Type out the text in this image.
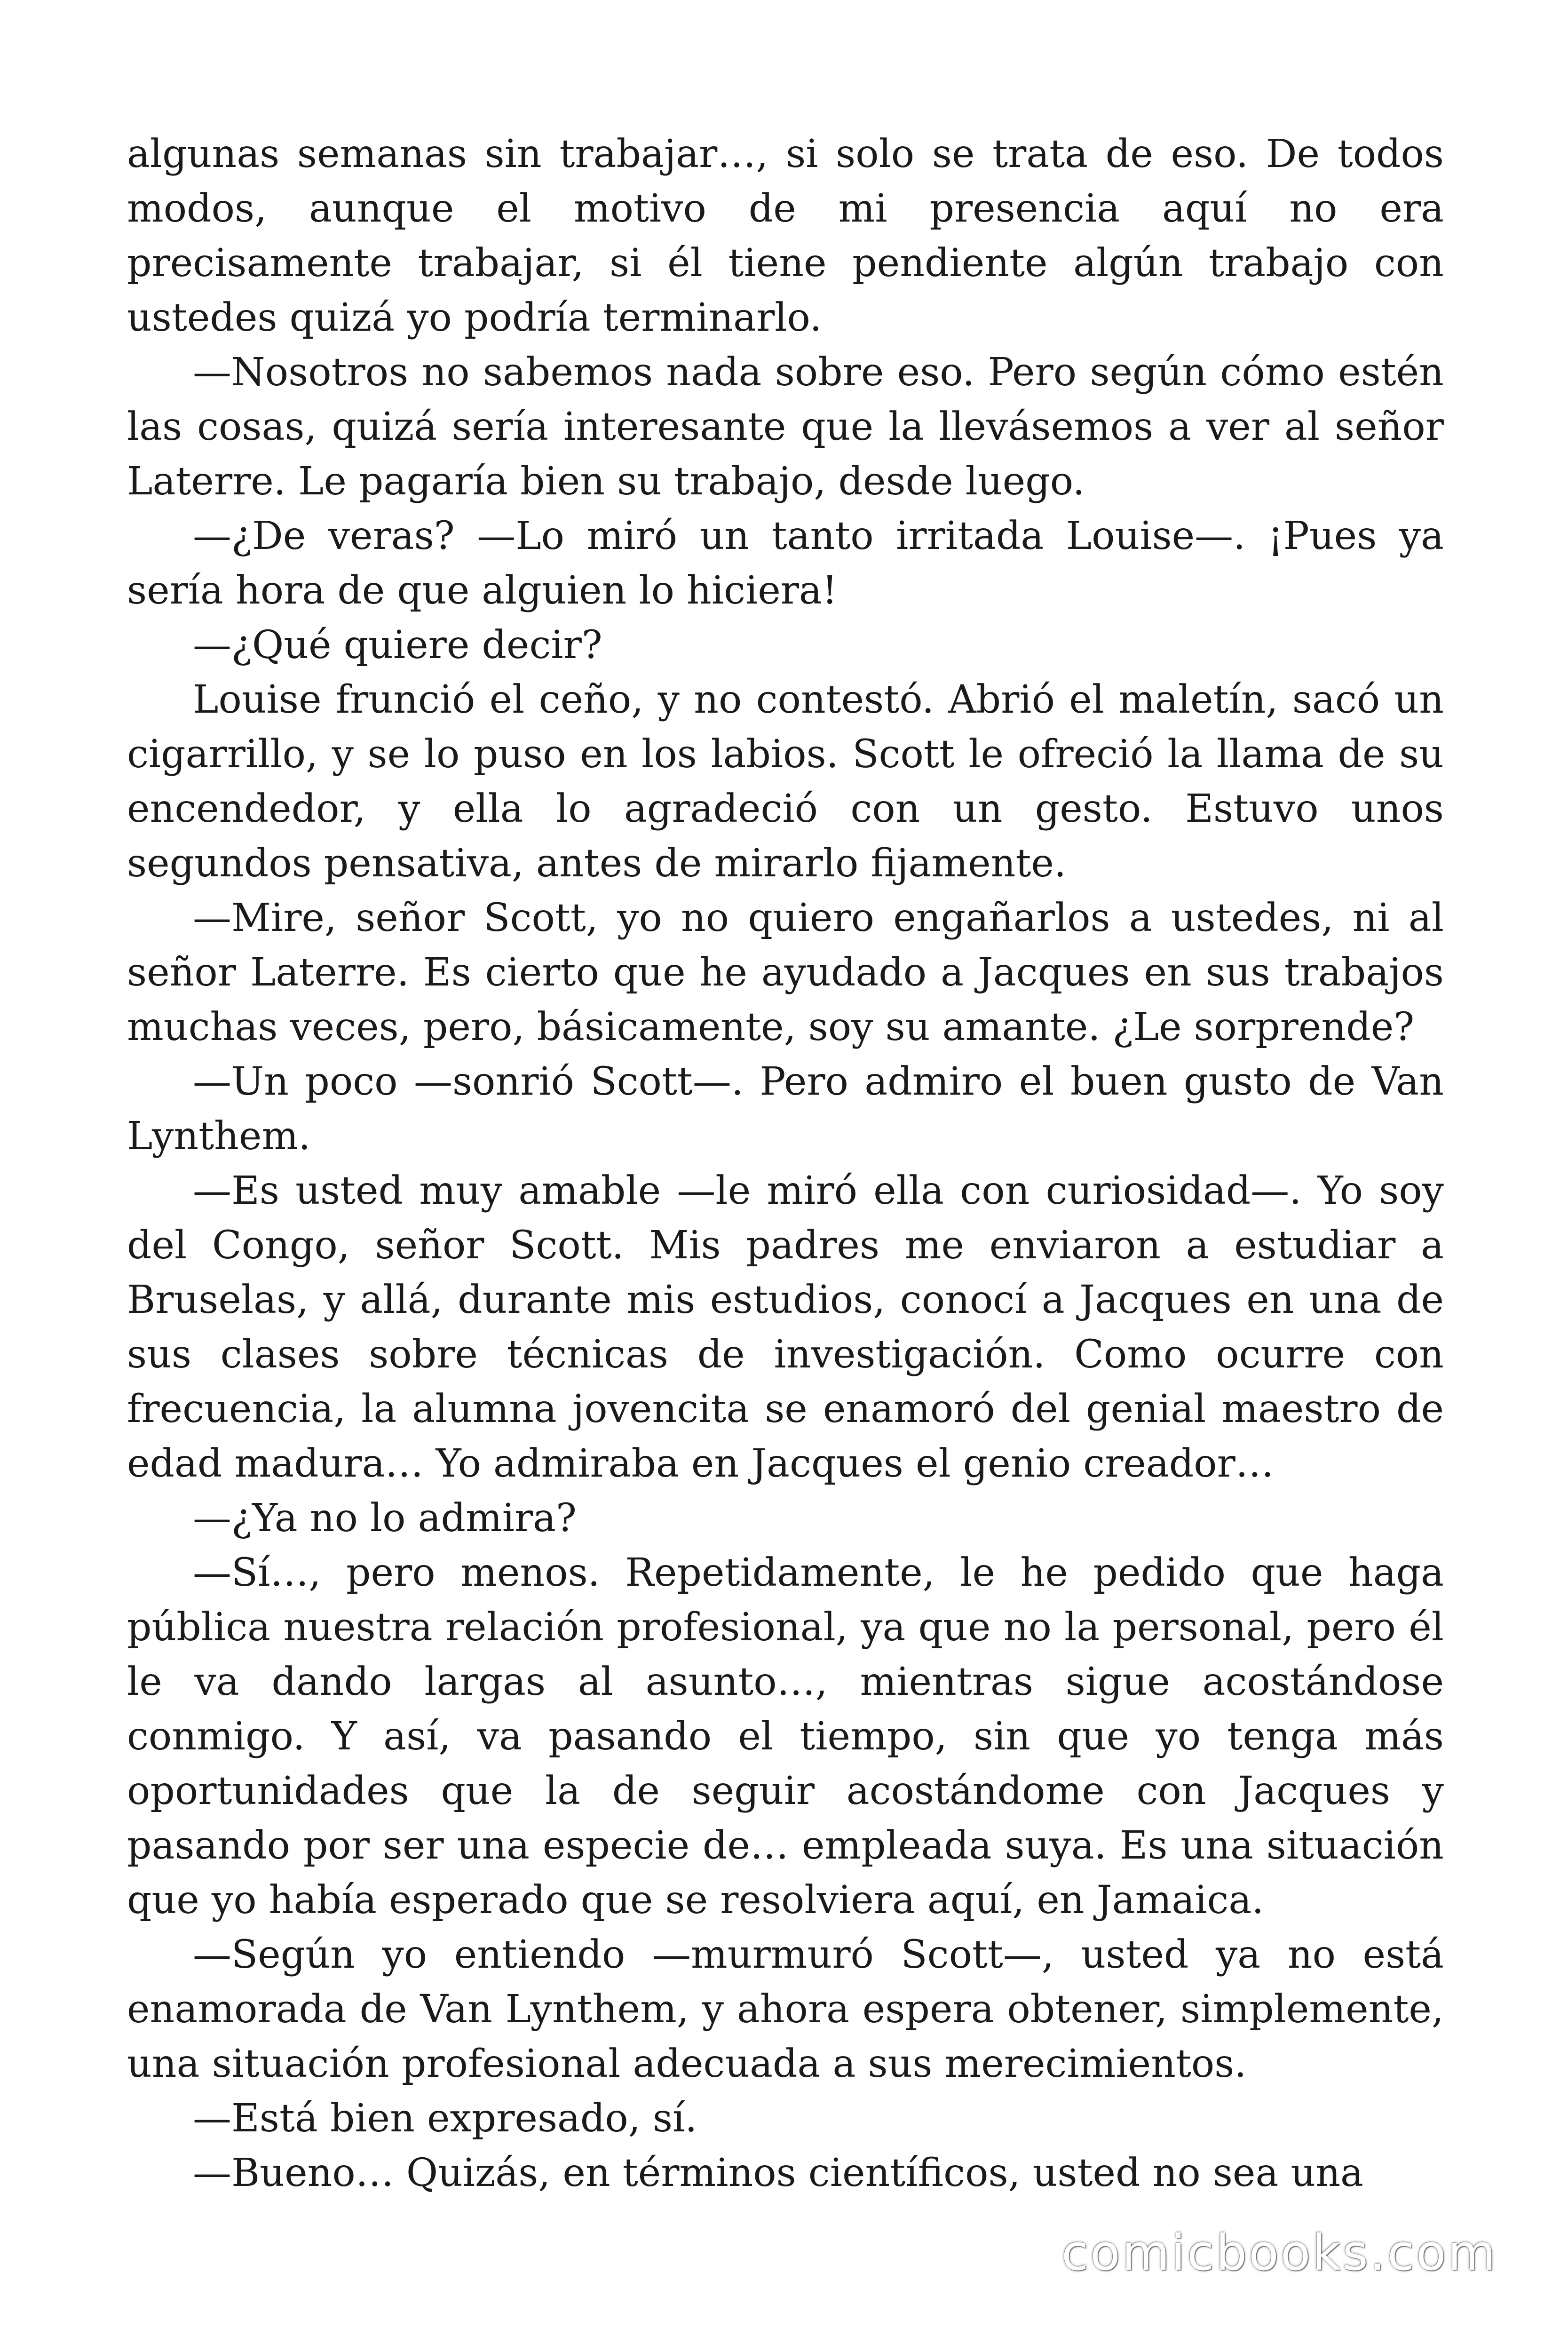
algunas semanas sin trabajar…, si solo se trata de eso. De todos modos, aunque el motivo de mi presencia aquí no era precisamente trabajar, si él tiene pendiente algún trabajo con ustedes quizá yo podría terminarlo.

—Nosotros no sabemos nada sobre eso. Pero según cómo estén las cosas, quizá sería interesante que la llevásemos a ver al señor Laterre. Le pagaría bien su trabajo, desde luego.

—¿De veras? —Lo miró un tanto irritada Louise—. ¡Pues ya sería hora de que alguien lo hiciera!

—¿Qué quiere decir?

Louise frunció el ceño, y no contestó. Abrió el maletín, sacó un cigarrillo, y se lo puso en los labios. Scott le ofreció la llama de su encendedor, y ella lo agradeció con un gesto. Estuvo unos segundos pensativa, antes de mirarlo fijamente.

—Mire, señor Scott, yo no quiero engañarlos a ustedes, ni al señor Laterre. Es cierto que he ayudado a Jacques en sus trabajos muchas veces, pero, básicamente, soy su amante. ¿Le sorprende?

—Un poco —sonrió Scott—. Pero admiro el buen gusto de Van Lynthem.

—Es usted muy amable —le miró ella con curiosidad—. Yo soy del Congo, señor Scott. Mis padres me enviaron a estudiar a Bruselas, y allá, durante mis estudios, conocí a Jacques en una de sus clases sobre técnicas de investigación. Como ocurre con frecuencia, la alumna jovencita se enamoró del genial maestro de edad madura… Yo admiraba en Jacques el genio creador…

—¿Ya no lo admira?

—Sí…, pero menos. Repetidamente, le he pedido que haga pública nuestra relación profesional, ya que no la personal, pero él le va dando largas al asunto…, mientras sigue acostándose conmigo. Y así, va pasando el tiempo, sin que yo tenga más oportunidades que la de seguir acostándome con Jacques y pasando por ser una especie de… empleada suya. Es una situación que yo había esperado que se resolviera aquí, en Jamaica.

—Según yo entiendo —murmuró Scott—, usted ya no está enamorada de Van Lynthem, y ahora espera obtener, simplemente, una situación profesional adecuada a sus merecimientos.

—Está bien expresado, sí.

—Bueno… Quizás, en términos científicos, usted no sea una

comicbooks.com
